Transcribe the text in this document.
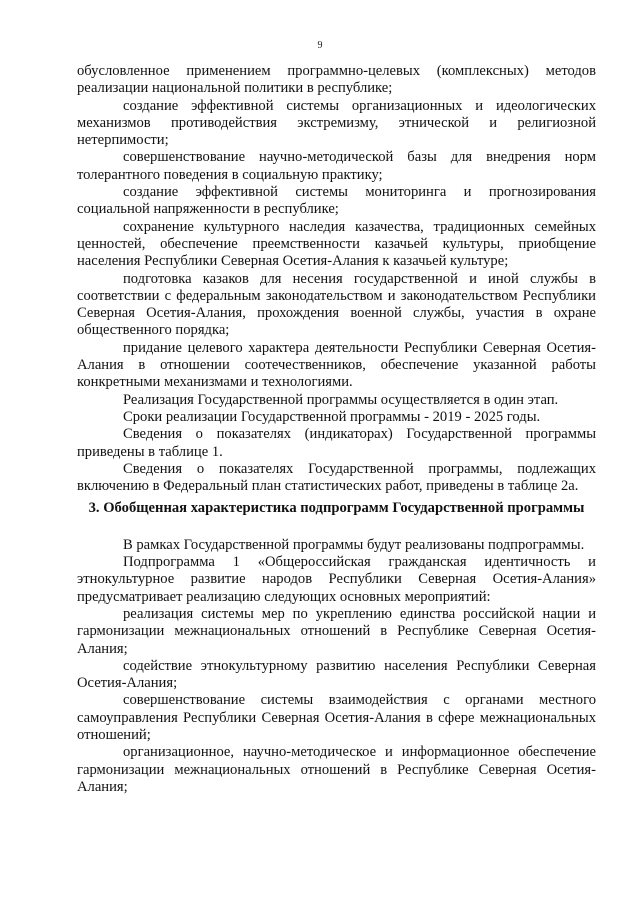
9

обусловленное применением программно-целевых (комплексных) методов реализации национальной политики в республике;

создание эффективной системы организационных и идеологических механизмов противодействия экстремизму, этнической и религиозной нетерпимости;

совершенствование научно-методической базы для внедрения норм толерантного поведения в социальную практику;

создание эффективной системы мониторинга и прогнозирования социальной напряженности в республике;

сохранение культурного наследия казачества, традиционных семейных ценностей, обеспечение преемственности казачьей культуры, приобщение населения Республики Северная Осетия-Алания к казачьей культуре;

подготовка казаков для несения государственной и иной службы в соответствии с федеральным законодательством и законодательством Республики Северная Осетия-Алания, прохождения военной службы, участия в охране общественного порядка;

придание целевого характера деятельности Республики Северная Осетия-Алания в отношении соотечественников, обеспечение указанной работы конкретными механизмами и технологиями.

Реализация Государственной программы осуществляется в один этап.

Сроки реализации Государственной программы - 2019 - 2025 годы.

Сведения о показателях (индикаторах) Государственной программы приведены в таблице 1.

Сведения о показателях Государственной программы, подлежащих включению в Федеральный план статистических работ, приведены в таблице 2а.

3. Обобщенная характеристика подпрограмм Государственной программы

В рамках Государственной программы будут реализованы подпрограммы.

Подпрограмма 1 «Общероссийская гражданская идентичность и этнокультурное развитие народов Республики Северная Осетия-Алания» предусматривает реализацию следующих основных мероприятий:

реализация системы мер по укреплению единства российской нации и гармонизации межнациональных отношений в Республике Северная Осетия-Алания;

содействие этнокультурному развитию населения Республики Северная Осетия-Алания;

совершенствование системы взаимодействия с органами местного самоуправления Республики Северная Осетия-Алания в сфере межнациональных отношений;

организационное, научно-методическое и информационное обеспечение гармонизации межнациональных отношений в Республике Северная Осетия-Алания;
